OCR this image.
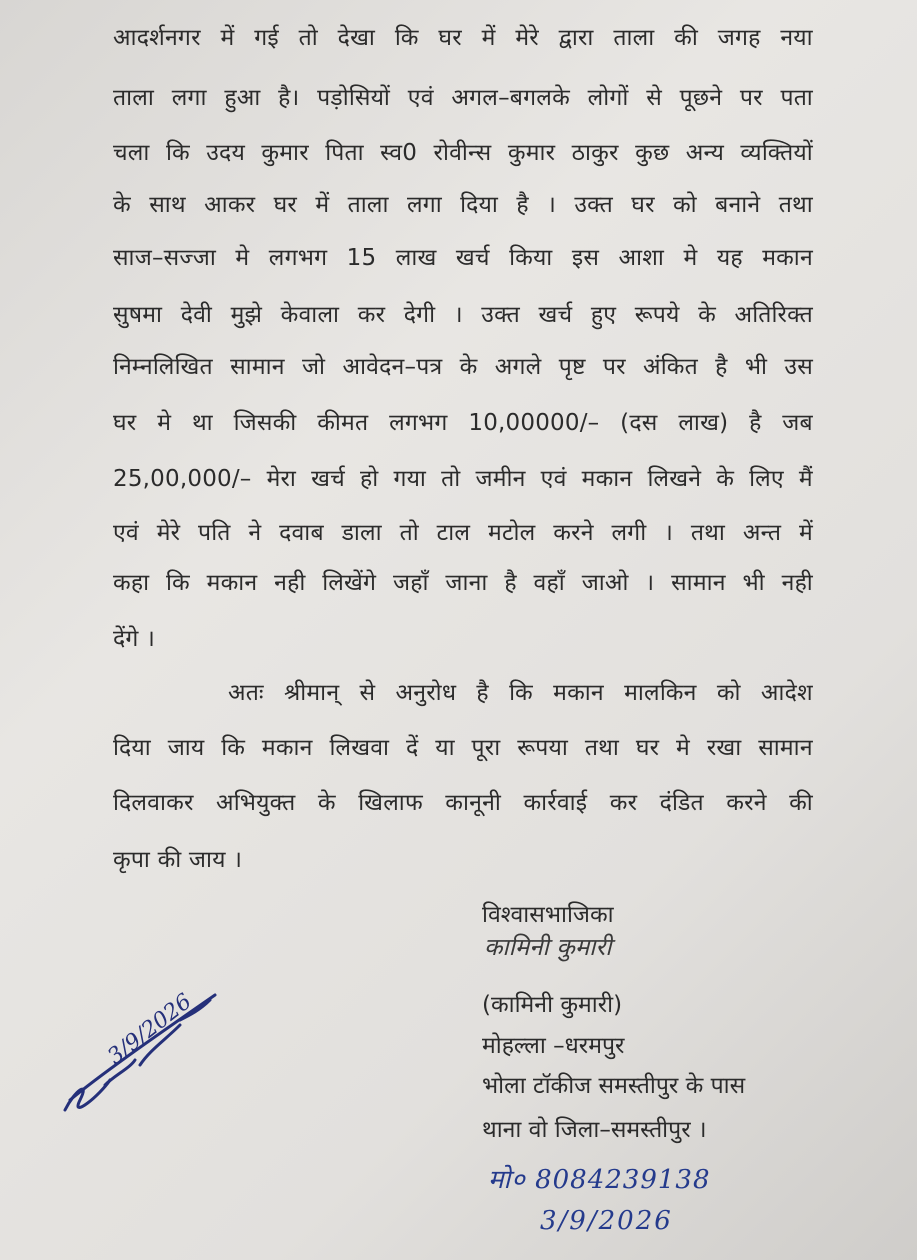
आदर्शनगर में गई तो देखा कि घर में मेरे द्वारा ताला की जगह नया
ताला लगा हुआ है। पड़ोसियों एवं अगल–बगलके लोगों से पूछने पर पता
चला कि उदय कुमार पिता स्व0 रोवीन्स कुमार ठाकुर कुछ अन्य व्यक्तियों
के साथ आकर घर में ताला लगा दिया है । उक्त घर को बनाने तथा
साज–सज्जा मे लगभग 15 लाख खर्च किया इस आशा मे यह मकान
सुषमा देवी मुझे केवाला कर देगी । उक्त खर्च हुए रूपये के अतिरिक्त
निम्नलिखित सामान जो आवेदन–पत्र के अगले पृष्ट पर अंकित है भी उस
घर मे था जिसकी कीमत लगभग 10,00000/– (दस लाख) है जब
25,00,000/– मेरा खर्च हो गया तो जमीन एवं मकान लिखने के लिए मैं
एवं मेरे पति ने दवाब डाला तो टाल मटोल करने लगी । तथा अन्त में
कहा कि मकान नही लिखेंगे जहाँ जाना है वहाँ जाओ । सामान भी नही
देंगे ।
अतः श्रीमान् से अनुरोध है कि मकान मालकिन को आदेश
दिया जाय कि मकान लिखवा दें या पूरा रूपया तथा घर मे रखा सामान
दिलवाकर अभियुक्त के खिलाफ कानूनी कार्रवाई कर दंडित करने की
कृपा की जाय ।
विश्वासभाजिका
कामिनी कुमारी
(कामिनी कुमारी)
मोहल्ला –धरमपुर
भोला टॉकीज समस्तीपुर के पास
थाना वो जिला–समस्तीपुर ।
मो० 8084239138
3/9/2026
3/9/2026
